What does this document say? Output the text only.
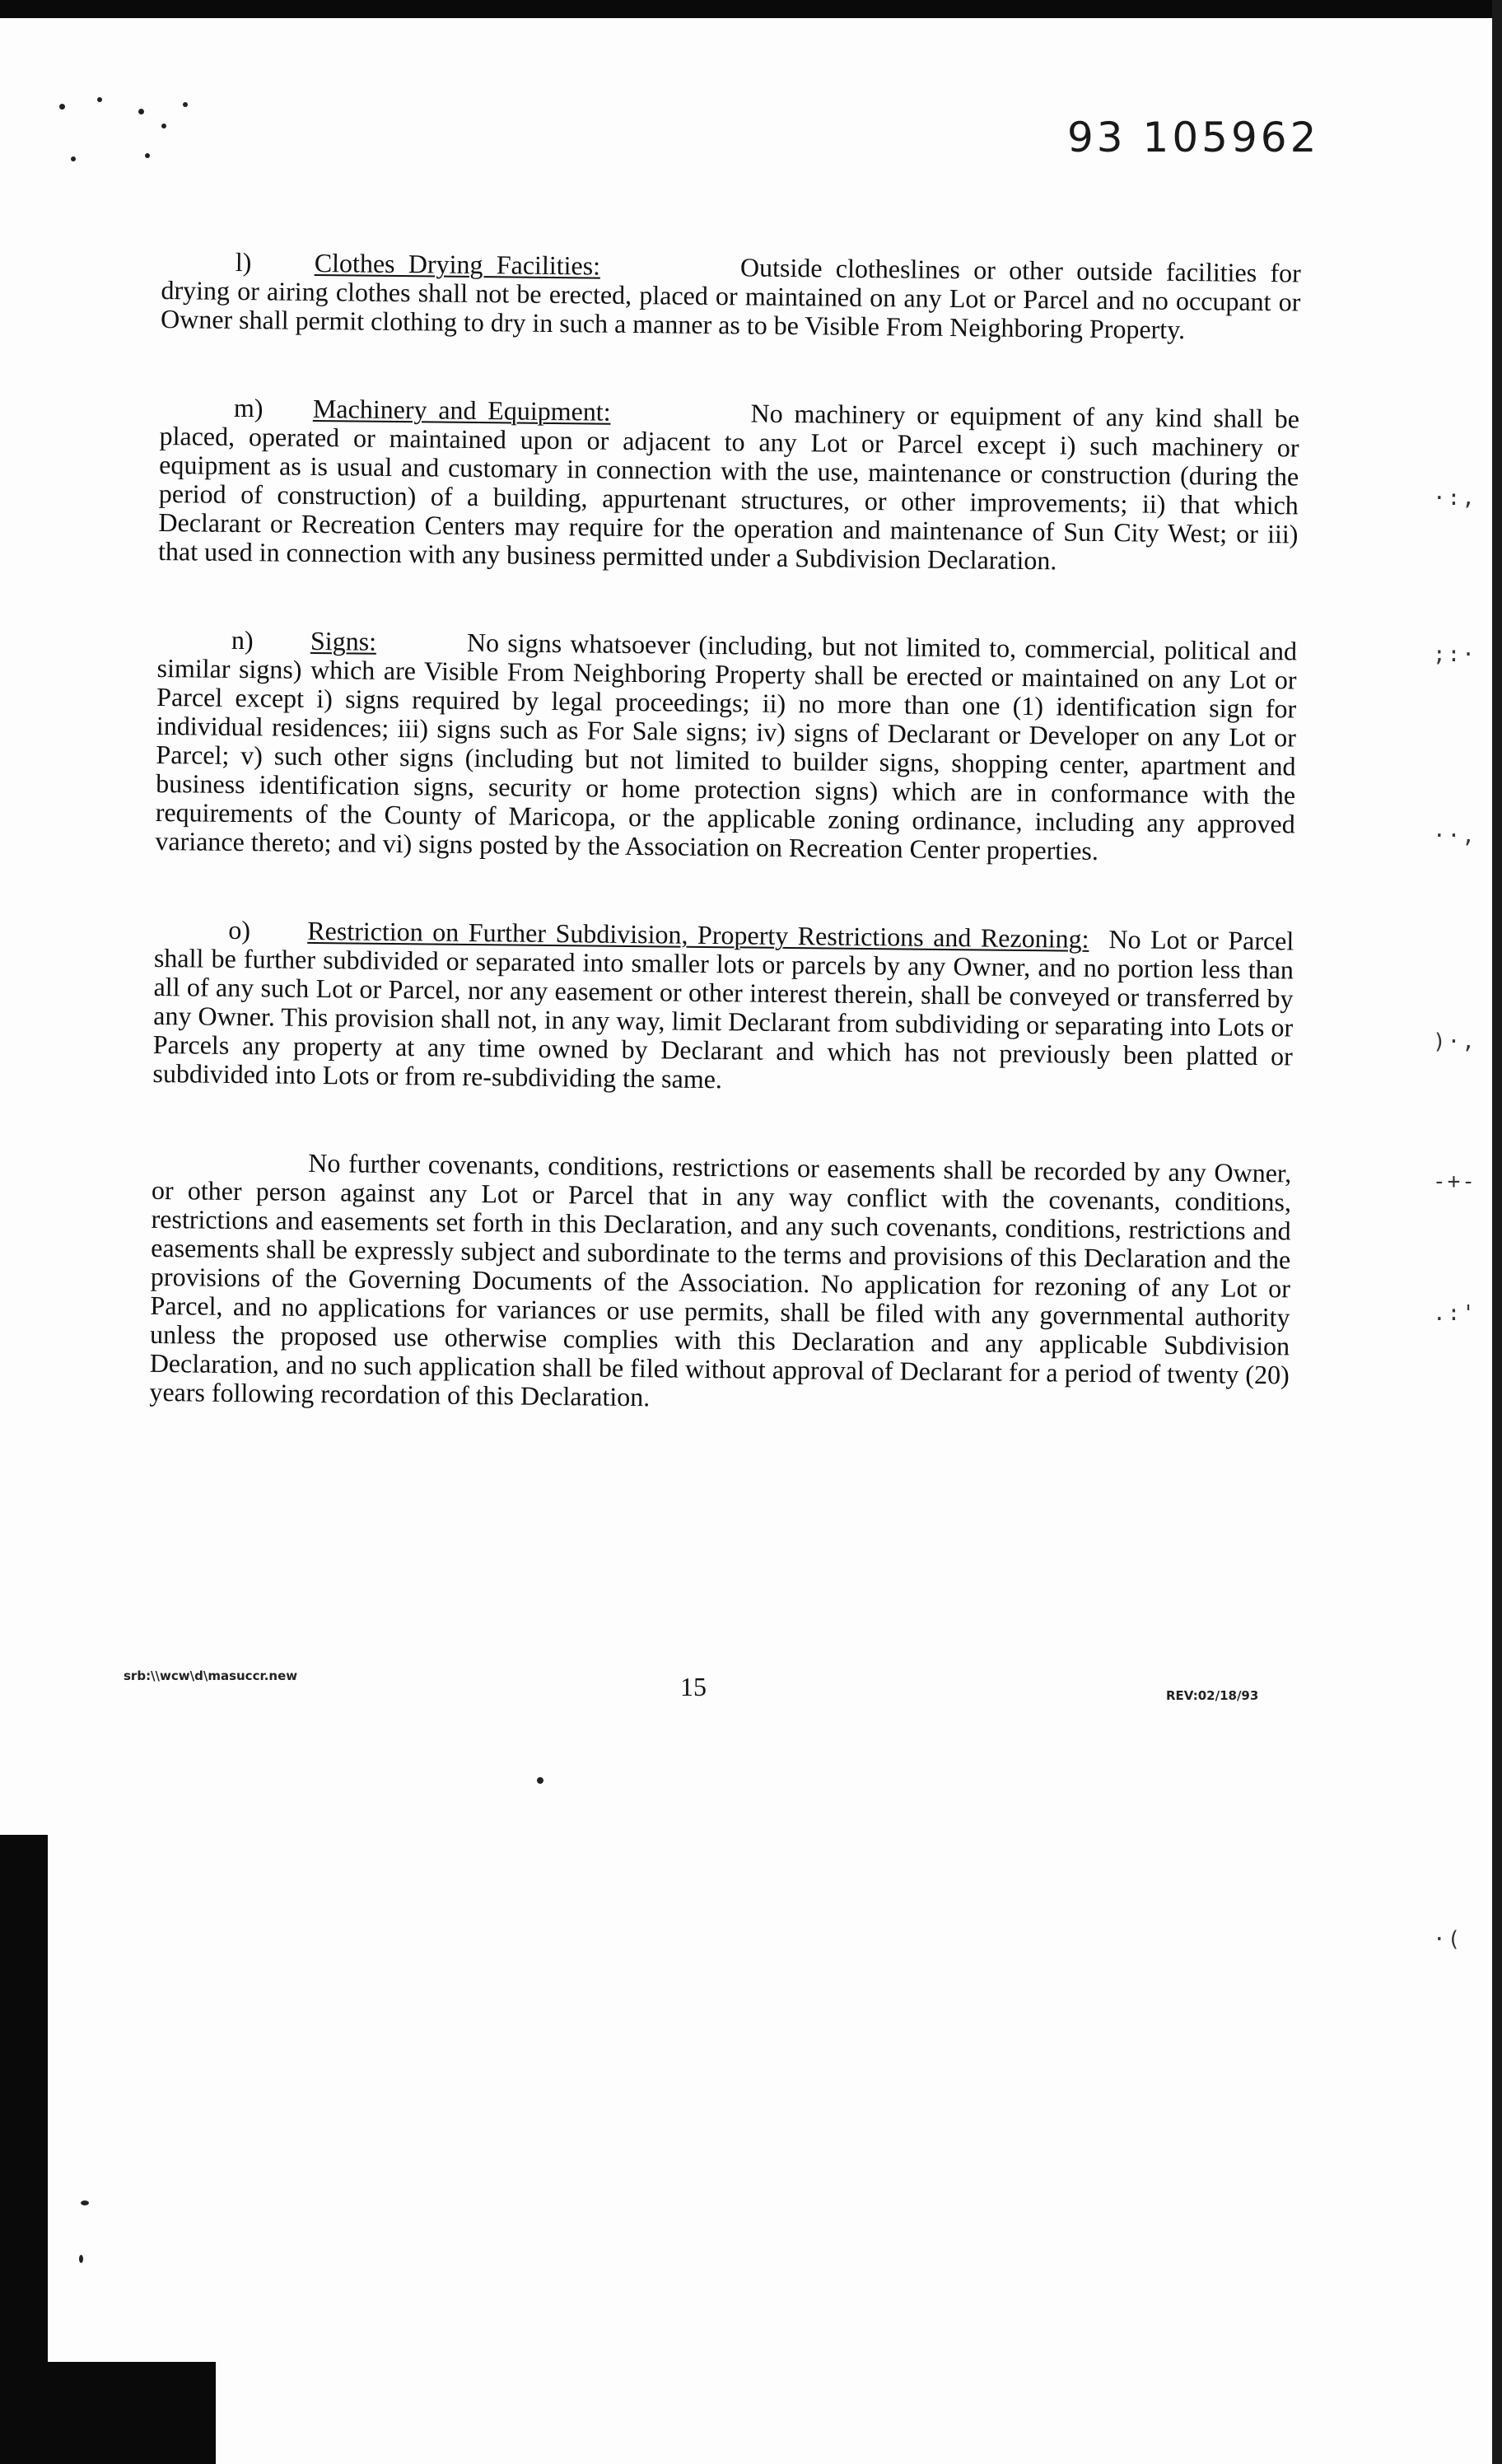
·:‚
;:·
··,
)·,
-+-
.:'
·(
93 105962

l) Clothes Drying Facilities:	Outside clotheslines or other outside facilities for drying or airing clothes shall not be erected, placed or maintained on any Lot or Parcel and no occupant or Owner shall permit clothing to dry in such a manner as to be Visible From Neighboring Property.

m) Machinery and Equipment:	No machinery or equipment of any kind shall be placed, operated or maintained upon or adjacent to any Lot or Parcel except i) such machinery or equipment as is usual and customary in connection with the use, maintenance or construction (during the period of construction) of a building, appurtenant structures, or other improvements; ii) that which Declarant or Recreation Centers may require for the operation and maintenance of Sun City West; or iii) that used in connection with any business permitted under a Subdivision Declaration.

n) Signs:	No signs whatsoever (including, but not limited to, commercial, political and similar signs) which are Visible From Neighboring Property shall be erected or maintained on any Lot or Parcel except i) signs required by legal proceedings; ii) no more than one (1) identification sign for individual residences; iii) signs such as For Sale signs; iv) signs of Declarant or Developer on any Lot or Parcel; v) such other signs (including but not limited to builder signs, shopping center, apartment and business identification signs, security or home protection signs) which are in conformance with the requirements of the County of Maricopa, or the applicable zoning ordinance, including any approved variance thereto; and vi) signs posted by the Association on Recreation Center properties.

o) Restriction on Further Subdivision, Property Restrictions and Rezoning: No Lot or Parcel shall be further subdivided or separated into smaller lots or parcels by any Owner, and no portion less than all of any such Lot or Parcel, nor any easement or other interest therein, shall be conveyed or transferred by any Owner. This provision shall not, in any way, limit Declarant from subdividing or separating into Lots or Parcels any property at any time owned by Declarant and which has not previously been platted or subdivided into Lots or from re-subdividing the same.

No further covenants, conditions, restrictions or easements shall be recorded by any Owner, or other person against any Lot or Parcel that in any way conflict with the covenants, conditions, restrictions and easements set forth in this Declaration, and any such covenants, conditions, restrictions and easements shall be expressly subject and subordinate to the terms and provisions of this Declaration and the provisions of the Governing Documents of the Association. No application for rezoning of any Lot or Parcel, and no applications for variances or use permits, shall be filed with any governmental authority unless the proposed use otherwise complies with this Declaration and any applicable Subdivision Declaration, and no such application shall be filed without approval of Declarant for a period of twenty (20) years following recordation of this Declaration.

srb:\\wcw\d\masuccr.new	15	REV:02/18/93
